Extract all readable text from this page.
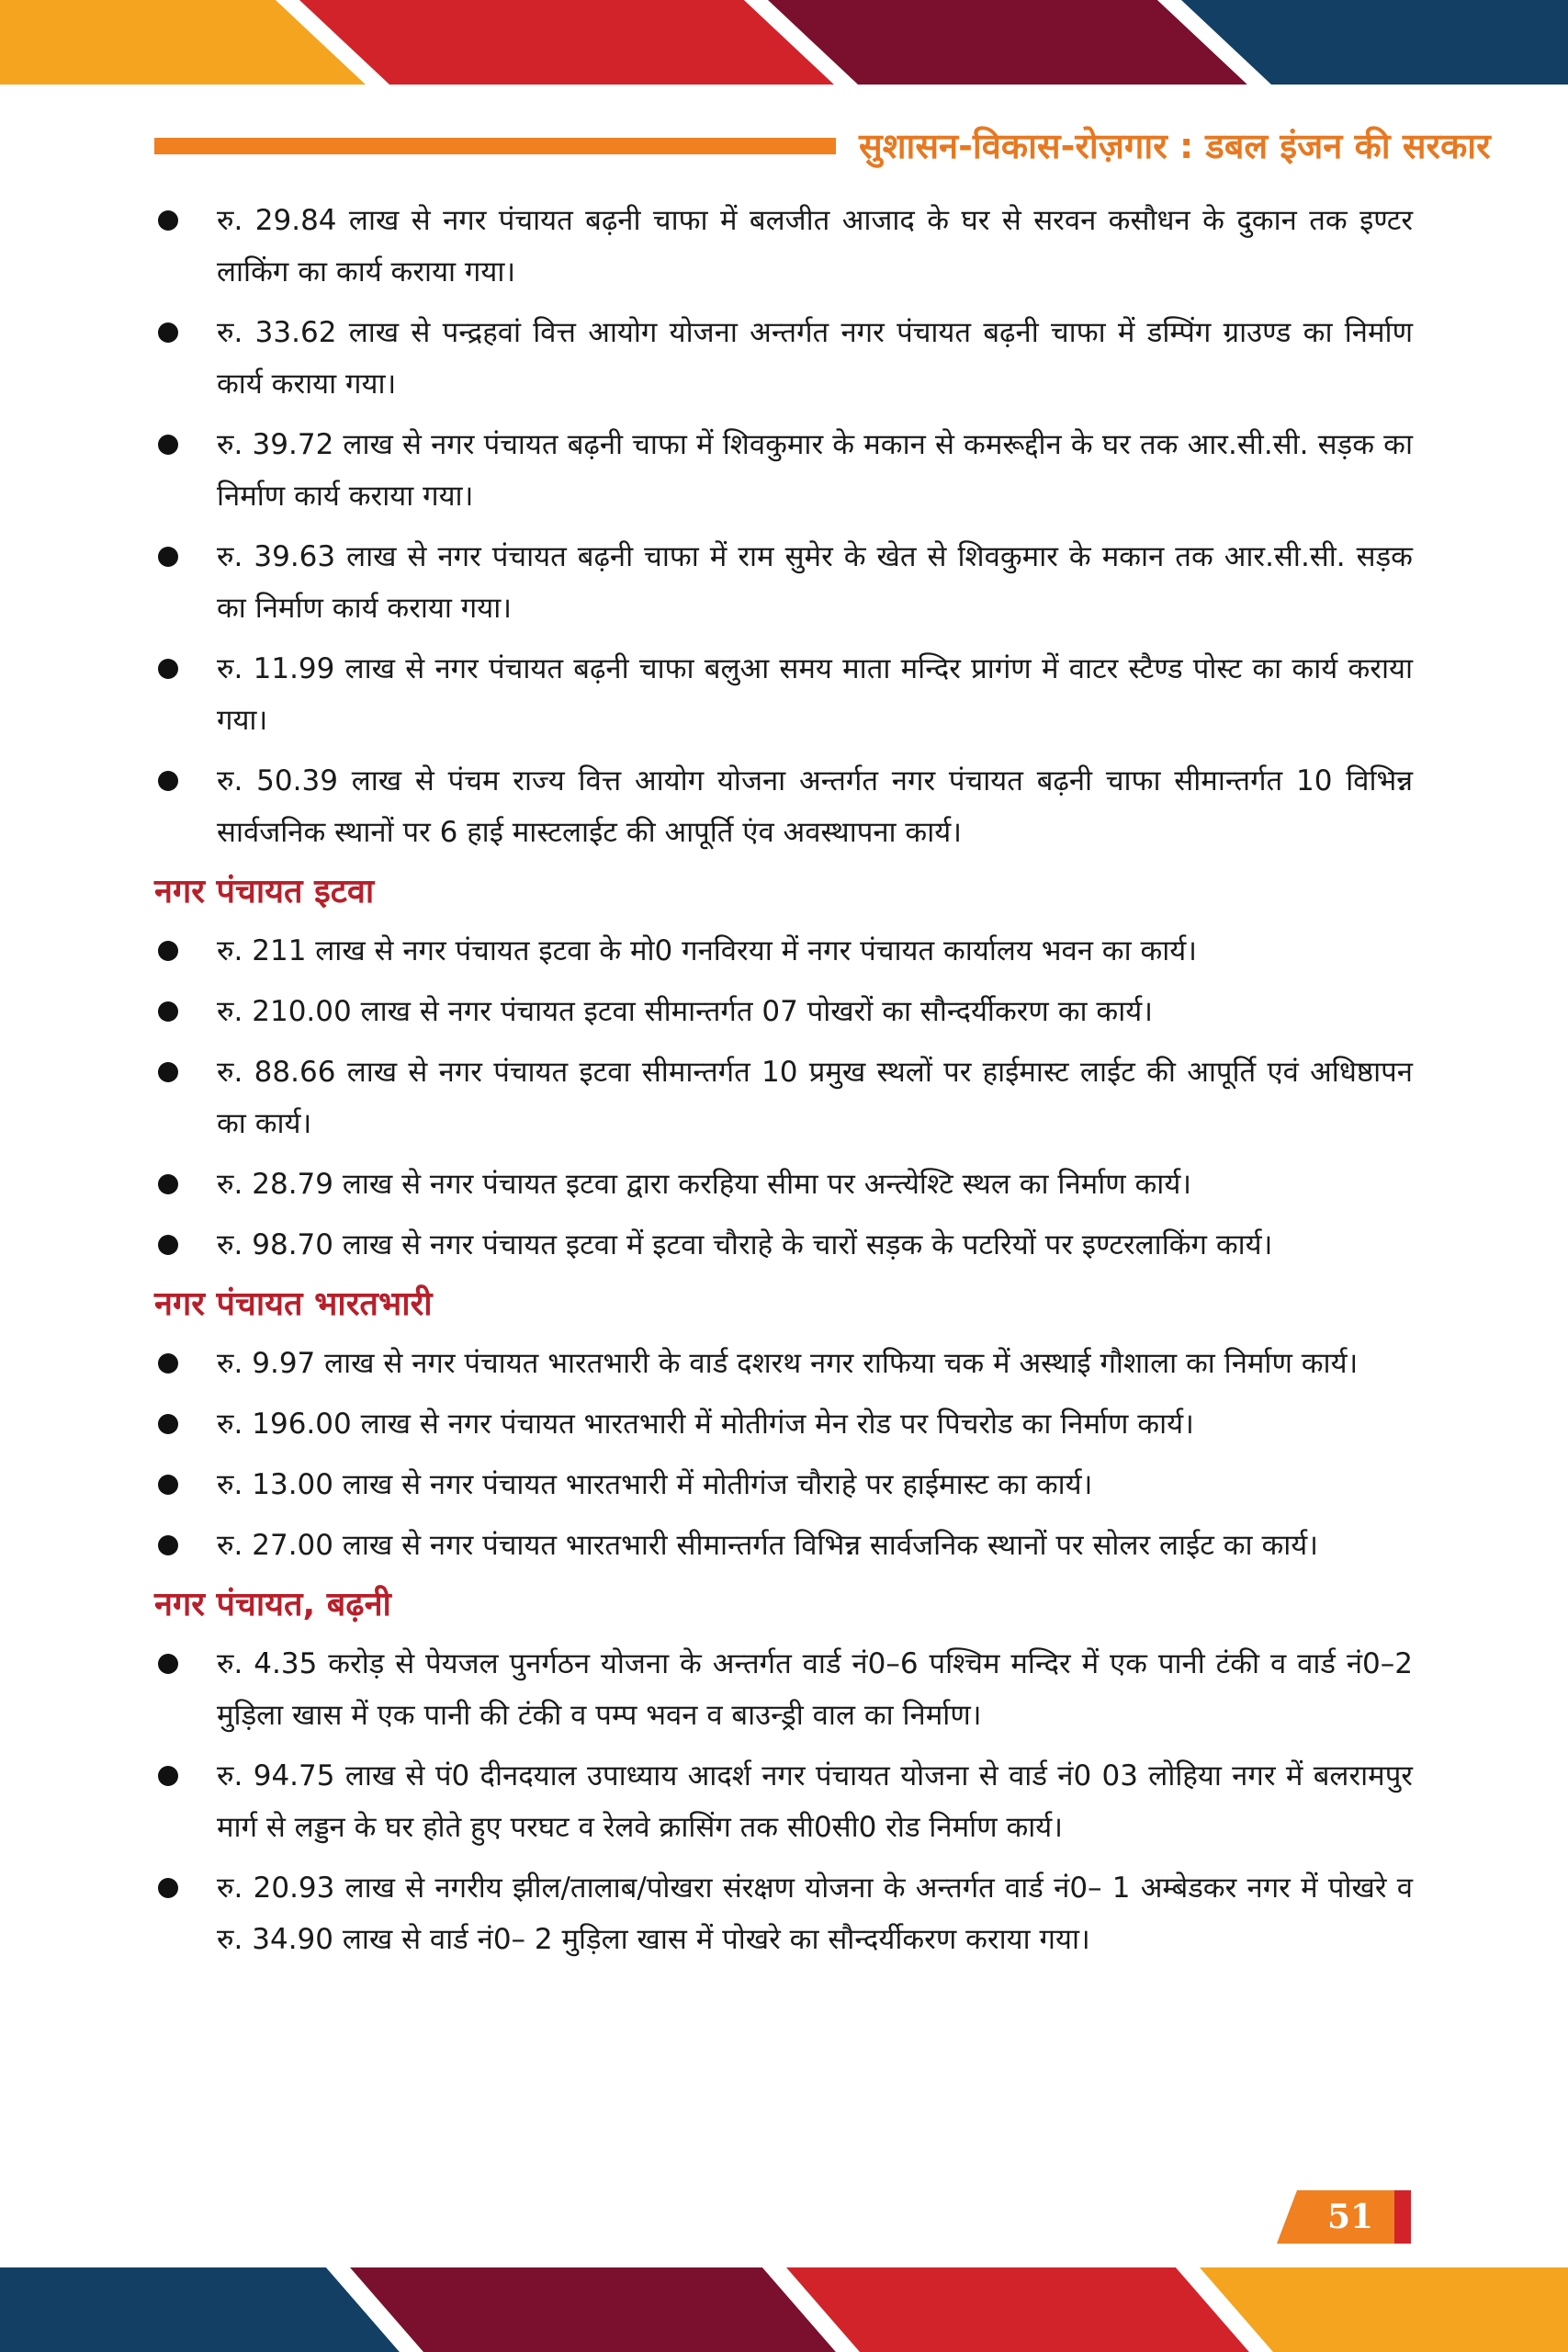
सुशासन-विकास-रोज़गार : डबल इंजन की सरकार
रु. 29.84 लाख से नगर पंचायत बढ़नी चाफा में बलजीत आजाद के घर से सरवन कसौधन के दुकान तक इण्टर लाकिंग का कार्य कराया गया।
रु. 33.62 लाख से पन्द्रहवां वित्त आयोग योजना अन्तर्गत नगर पंचायत बढ़नी चाफा में डम्पिंग ग्राउण्ड का निर्माण कार्य कराया गया।
रु. 39.72 लाख से नगर पंचायत बढ़नी चाफा में शिवकुमार के मकान से कमरूद्दीन के घर तक आर.सी.सी. सड़क का निर्माण कार्य कराया गया।
रु. 39.63 लाख से नगर पंचायत बढ़नी चाफा में राम सुमेर के खेत से शिवकुमार के मकान तक आर.सी.सी. सड़क का निर्माण कार्य कराया गया।
रु. 11.99 लाख से नगर पंचायत बढ़नी चाफा बलुआ समय माता मन्दिर प्रागंण में वाटर स्टैण्ड पोस्ट का कार्य कराया गया।
रु. 50.39 लाख से पंचम राज्य वित्त आयोग योजना अन्तर्गत नगर पंचायत बढ़नी चाफा सीमान्तर्गत 10 विभिन्न सार्वजनिक स्थानों पर 6 हाई मास्टलाईट की आपूर्ति एंव अवस्थापना कार्य।
नगर पंचायत इटवा
रु. 211 लाख से नगर पंचायत इटवा के मो0 गनविरया में नगर पंचायत कार्यालय भवन का कार्य।
रु. 210.00 लाख से नगर पंचायत इटवा सीमान्तर्गत 07 पोखरों का सौन्दर्यीकरण का कार्य।
रु. 88.66 लाख से नगर पंचायत इटवा सीमान्तर्गत 10 प्रमुख स्थलों पर हाईमास्ट लाईट की आपूर्ति एवं अधिष्ठापन का कार्य।
रु. 28.79 लाख से नगर पंचायत इटवा द्वारा करहिया सीमा पर अन्त्येश्टि स्थल का निर्माण कार्य।
रु. 98.70 लाख से नगर पंचायत इटवा में इटवा चौराहे के चारों सड़क के पटरियों पर इण्टरलाकिंग कार्य।
नगर पंचायत भारतभारी
रु. 9.97 लाख से नगर पंचायत भारतभारी के वार्ड दशरथ नगर राफिया चक में अस्थाई गौशाला का निर्माण कार्य।
रु. 196.00 लाख से नगर पंचायत भारतभारी में मोतीगंज मेन रोड पर पिचरोड का निर्माण कार्य।
रु. 13.00 लाख से नगर पंचायत भारतभारी में मोतीगंज चौराहे पर हाईमास्ट का कार्य।
रु. 27.00 लाख से नगर पंचायत भारतभारी सीमान्तर्गत विभिन्न सार्वजनिक स्थानों पर सोलर लाईट का कार्य।
नगर पंचायत, बढ़नी
रु. 4.35 करोड़ से पेयजल पुनर्गठन योजना के अन्तर्गत वार्ड नं0–6 पश्चिम मन्दिर में एक पानी टंकी व वार्ड नं0–2 मुड़िला खास में एक पानी की टंकी व पम्प भवन व बाउन्ड्री वाल का निर्माण।
रु. 94.75 लाख से पं0 दीनदयाल उपाध्याय आदर्श नगर पंचायत योजना से वार्ड नं0 03 लोहिया नगर में बलरामपुर मार्ग से लड्डन के घर होते हुए परघट व रेलवे क्रासिंग तक सी0सी0 रोड निर्माण कार्य।
रु. 20.93 लाख से नगरीय झील/तालाब/पोखरा संरक्षण योजना के अन्तर्गत वार्ड नं0– 1 अम्बेडकर नगर में पोखरे व रु. 34.90 लाख से वार्ड नं0– 2 मुड़िला खास में पोखरे का सौन्दर्यीकरण कराया गया।
51
